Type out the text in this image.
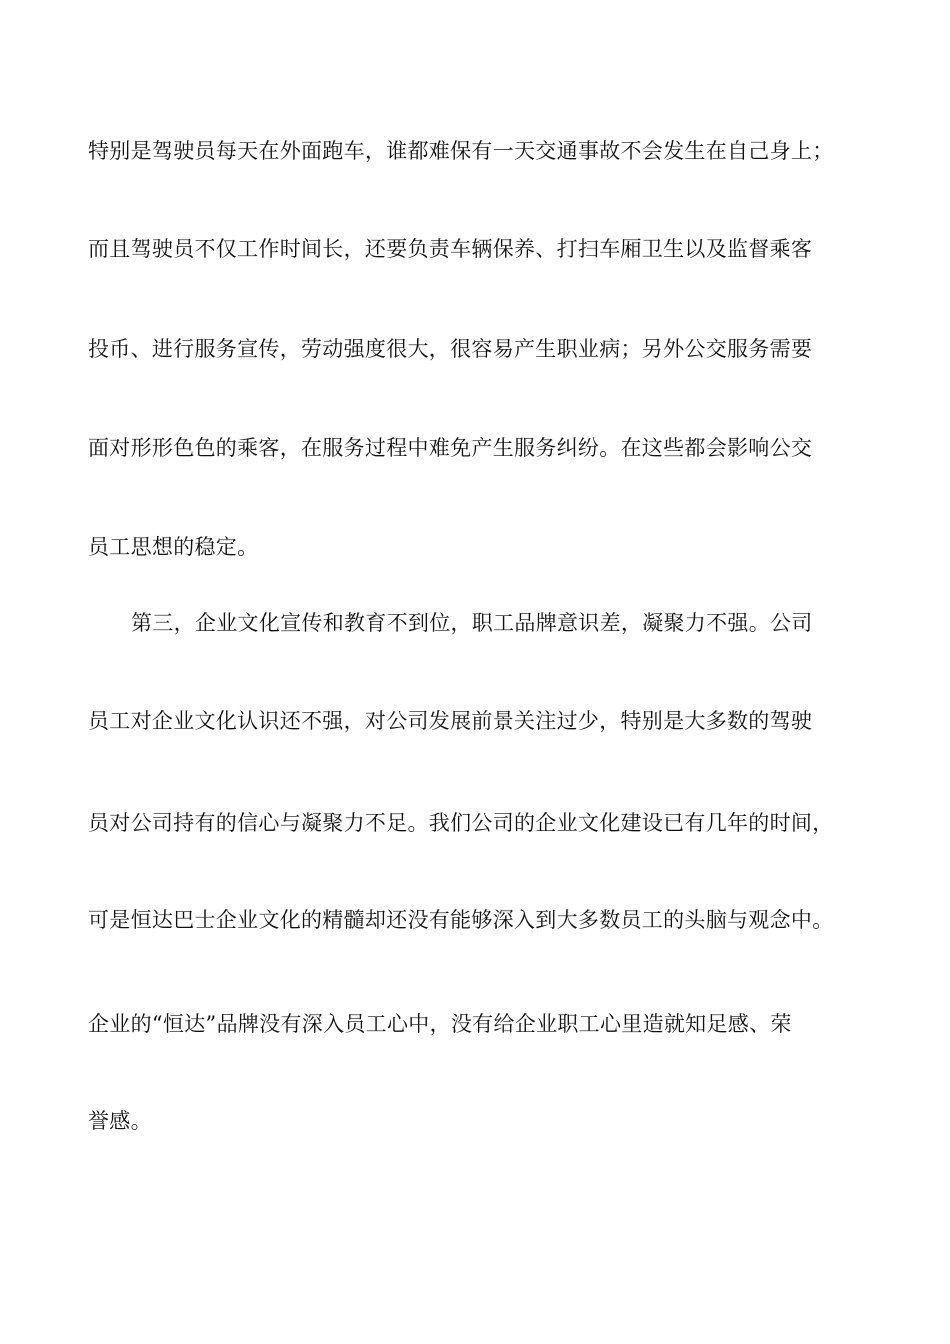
特别是驾驶员每天在外面跑车，谁都难保有一天交通事故不会发生在自己身上；

而且驾驶员不仅工作时间长，还要负责车辆保养、打扫车厢卫生以及监督乘客

投币、进行服务宣传，劳动强度很大，很容易产生职业病；另外公交服务需要

面对形形色色的乘客，在服务过程中难免产生服务纠纷。在这些都会影响公交

员工思想的稳定。

第三，企业文化宣传和教育不到位，职工品牌意识差，凝聚力不强。公司

员工对企业文化认识还不强，对公司发展前景关注过少，特别是大多数的驾驶

员对公司持有的信心与凝聚力不足。我们公司的企业文化建设已有几年的时间，

可是恒达巴士企业文化的精髓却还没有能够深入到大多数员工的头脑与观念中。

企业的“恒达”品牌没有深入员工心中，没有给企业职工心里造就知足感、荣

誉感。
